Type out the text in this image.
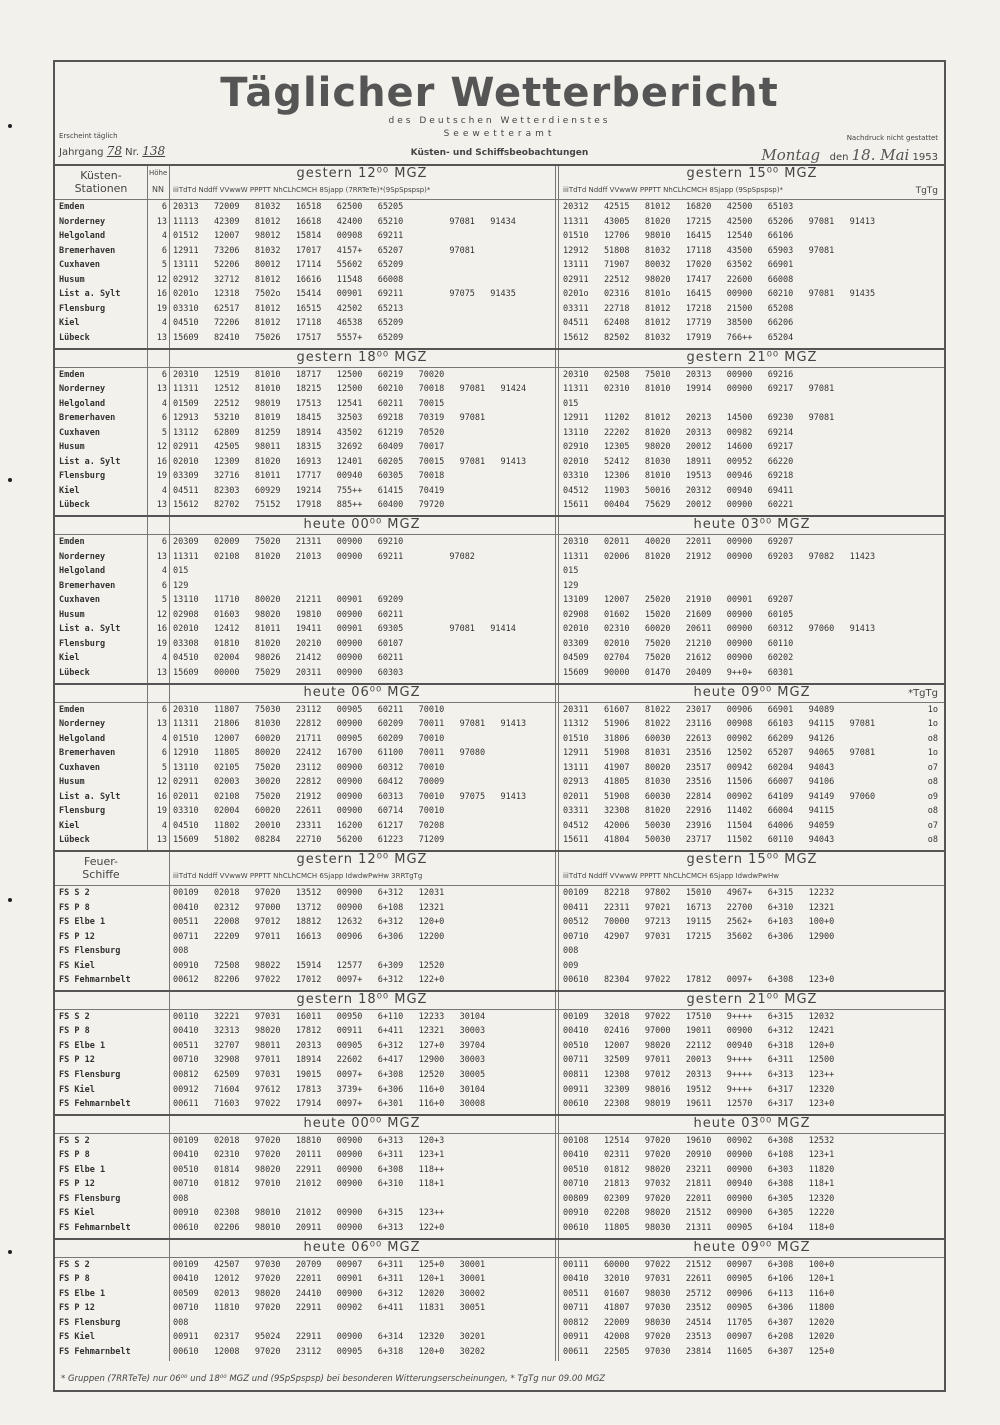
Täglicher Wetterbericht
des Deutschen Wetterdienstes
Seewetteramt
Küsten- und Schiffsbeobachtungen
Erscheint täglich
Jahrgang 78 Nr. 138
Nachdruck nicht gestattet
Montag den 18. Mai 1953
gestern 12⁰⁰ MGZ	gestern 15⁰⁰ MGZ
Küsten-
Stationen
Höhe
NN iiiTdTd Nddff VVwwW PPPTT NhCLhCMCH 8Sjapp (7RRTeTe)*(9SpSpspsp)*	iiiTdTd Nddff VVwwW PPPTT NhCLhCMCH 8Sjapp (9SpSpspsp)*	TgTg
Emden	6 20313   72009   81032   16518   62500   65205	20312   42515   81012   16820   42500   65103
Norderney	13 11113   42309   81012   16618   42400   65210         97081   91434	11311   43005   81020   17215   42500   65206   97081   91413
Helgoland	4 01512   12007   98012   15814   00908   69211	01510   12706   98010   16415   12540   66106
Bremerhaven	6 12911   73206   81032   17017   4157+   65207         97081	12912   51808   81032   17118   43500   65903   97081
Cuxhaven	5 13111   52206   80012   17114   55602   65209	13111   71907   80032   17020   63502   66901
Husum	12 02912   32712   81012   16616   11548   66008	02911   22512   98020   17417   22600   66008
List a. Sylt	16 0201o   12318   7502o   15414   00901   69211         97075   91435	0201o   02316   8101o   16415   00900   60210   97081   91435
Flensburg	19 03310   62517   81012   16515   42502   65213	03311   22718   81012   17218   21500   65208
Kiel	4 04510   72206   81012   17118   46538   65209	04511   62408   81012   17719   38500   66206
Lübeck	13 15609   82410   75026   17517   5557+   65209	15612   82502   81032   17919   766++   65204
gestern 18⁰⁰ MGZ	gestern 21⁰⁰ MGZ
Emden	6 20310   12519   81010   18717   12500   60219   70020	20310   02508   75010   20313   00900   69216
Norderney	13 11311   12512   81010   18215   12500   60210   70018   97081   91424	11311   02310   81010   19914   00900   69217   97081
Helgoland	4 01509   22512   98019   17513   12541   60211   70015	015
Bremerhaven	6 12913   53210   81019   18415   32503   69218   70319   97081	12911   11202   81012   20213   14500   69230   97081
Cuxhaven	5 13112   62809   81259   18914   43502   61219   70520	13110   22202   81020   20313   00982   69214
Husum	12 02911   42505   98011   18315   32692   60409   70017	02910   12305   98020   20012   14600   69217
List a. Sylt	16 02010   12309   81020   16913   12401   60205   70015   97081   91413	02010   52412   81030   18911   00952   66220
Flensburg	19 03309   32716   81011   17717   00940   60305   70018	03310   12306   81010   19513   00946   69218
Kiel	4 04511   82303   60929   19214   755++   61415   70419	04512   11903   50016   20312   00940   69411
Lübeck	13 15612   82702   75152   17918   885++   60400   79720	15611   00404   75629   20012   00900   60221
heute 00⁰⁰ MGZ	heute 03⁰⁰ MGZ
Emden	6 20309   02009   75020   21311   00900   69210	20310   02011   40020   22011   00900   69207
Norderney	13 11311   02108   81020   21013   00900   69211         97082	11311   02006   81020   21912   00900   69203   97082   11423
Helgoland	4 015	015
Bremerhaven	6 129	129
Cuxhaven	5 13110   11710   80020   21211   00901   69209	13109   12007   25020   21910   00901   69207
Husum	12 02908   01603   98020   19810   00900   60211	02908   01602   15020   21609   00900   60105
List a. Sylt	16 02010   12412   81011   19411   00901   69305         97081   91414	02010   02310   60020   20611   00900   60312   97060   91413
Flensburg	19 03308   01810   81020   20210   00900   60107	03309   02010   75020   21210   00900   60110
Kiel	4 04510   02004   98026   21412   00900   60211	04509   02704   75020   21612   00900   60202
Lübeck	13 15609   00000   75029   20311   00900   60303	15609   90000   01470   20409   9++0+   60301
heute 06⁰⁰ MGZ	heute 09⁰⁰ MGZ	*TgTg
Emden	6 20310   11807   75030   23112   00905   60211   70010	20311   61607   81022   23017   00906   66901   94089	1o
Norderney	13 11311   21806   81030   22812   00900   60209   70011   97081   91413	11312   51906   81022   23116   00908   66103   94115   97081	1o
Helgoland	4 01510   12007   60020   21711   00905   60209   70010	01510   31806   60030   22613   00902   66209   94126	o8
Bremerhaven	6 12910   11805   80020   22412   16700   61100   70011   97080	12911   51908   81031   23516   12502   65207   94065   97081	1o
Cuxhaven	5 13110   02105   75020   23112   00900   60312   70010	13111   41907   80020   23517   00942   60204   94043	o7
Husum	12 02911   02003   30020   22812   00900   60412   70009	02913   41805   81030   23516   11506   66007   94106	o8
List a. Sylt	16 02011   02108   75020   21912   00900   60313   70010   97075   91413	02011   51908   60030   22814   00902   64109   94149   97060	o9
Flensburg	19 03310   02004   60020   22611   00900   60714   70010	03311   32308   81020   22916   11402   66004   94115	o8
Kiel	4 04510   11802   20010   23311   16200   61217   70208	04512   42006   50030   23916   11504   64006   94059	o7
Lübeck	13 15609   51802   08284   22710   56200   61223   71209	15611   41804   50030   23717   11502   60110   94043	o8
gestern 12⁰⁰ MGZ	gestern 15⁰⁰ MGZ
Feuer-
Schiffe	iiiTdTd Nddff VVwwW PPPTT NhCLhCMCH 6Sjapp IdwdwPwHw 3RRTgTg	iiiTdTd Nddff VVwwW PPPTT NhCLhCMCH 6Sjapp IdwdwPwHw
FS S 2	00109   02018   97020   13512   00900   6+312   12031	00109   82218   97802   15010   4967+   6+315   12232
FS P 8	00410   02312   97000   13712   00900   6+108   12321	00411   22311   97021   16713   22700   6+310   12321
FS Elbe 1	00511   22008   97012   18812   12632   6+312   120+0	00512   70000   97213   19115   2562+   6+103   100+0
FS P 12	00711   22209   97011   16613   00906   6+306   12200	00710   42907   97031   17215   35602   6+306   12900
FS Flensburg	008	008
FS Kiel	00910   72508   98022   15914   12577   6+309   12520	009
FS Fehmarnbelt	00612   82206   97022   17012   0097+   6+312   122+0	00610   82304   97022   17812   0097+   6+308   123+0
gestern 18⁰⁰ MGZ	gestern 21⁰⁰ MGZ
FS S 2	00110   32221   97031   16011   00950   6+110   12233   30104	00109   32018   97022   17510   9++++   6+315   12032
FS P 8	00410   32313   98020   17812   00911   6+411   12321   30003	00410   02416   97000   19011   00900   6+312   12421
FS Elbe 1	00511   32707   98011   20313   00905   6+312   127+0   39704	00510   12007   98020   22112   00940   6+318   120+0
FS P 12	00710   32908   97011   18914   22602   6+417   12900   30003	00711   32509   97011   20013   9++++   6+311   12500
FS Flensburg	00812   62509   97031   19015   0097+   6+308   12520   30005	00811   12308   97012   20313   9++++   6+313   123++
FS Kiel	00912   71604   97612   17813   3739+   6+306   116+0   30104	00911   32309   98016   19512   9++++   6+317   12320
FS Fehmarnbelt	00611   71603   97022   17914   0097+   6+301   116+0   30008	00610   22308   98019   19611   12570   6+317   123+0
heute 00⁰⁰ MGZ	heute 03⁰⁰ MGZ
FS S 2	00109   02018   97020   18810   00900   6+313   120+3	00108   12514   97020   19610   00902   6+308   12532
FS P 8	00410   02310   97020   20111   00900   6+311   123+1	00410   02311   97020   20910   00900   6+108   123+1
FS Elbe 1	00510   01814   98020   22911   00900   6+308   118++	00510   01812   98020   23211   00900   6+303   11820
FS P 12	00710   01812   97010   21012   00900   6+310   118+1	00710   21813   97032   21811   00940   6+308   118+1
FS Flensburg	008	00809   02309   97020   22011   00900   6+305   12320
FS Kiel	00910   02308   98010   21012   00900   6+315   123++	00910   02208   98020   21512   00900   6+305   12220
FS Fehmarnbelt	00610   02206   98010   20911   00900   6+313   122+0	00610   11805   98030   21311   00905   6+104   118+0
heute 06⁰⁰ MGZ	heute 09⁰⁰ MGZ
FS S 2	00109   42507   97030   20709   00907   6+311   125+0   30001	00111   60000   97022   21512   00907   6+308   100+0
FS P 8	00410   12012   97020   22011   00901   6+311   120+1   30001	00410   32010   97031   22611   00905   6+106   120+1
FS Elbe 1	00509   02013   98020   24410   00900   6+312   12020   30002	00511   01607   98030   25712   00906   6+113   116+0
FS P 12	00710   11810   97020   22911   00902   6+411   11831   30051	00711   41807   97030   23512   00905   6+306   11800
FS Flensburg	008	00812   22009   98030   24514   11705   6+307   12020
FS Kiel	00911   02317   95024   22911   00900   6+314   12320   30201	00911   42008   97020   23513   00907   6+208   12020
FS Fehmarnbelt	00610   12008   97020   23112   00905   6+318   120+0   30202	00611   22505   97030   23814   11605   6+307   125+0
* Gruppen (7RRTeTe) nur 06⁰⁰ und 18⁰⁰ MGZ und (9SpSpspsp) bei besonderen Witterungserscheinungen, * TgTg nur 09.00 MGZ
